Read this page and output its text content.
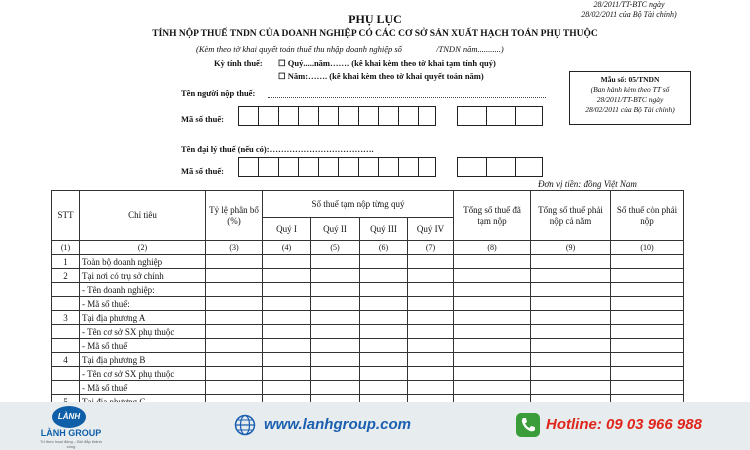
28/2011/TT-BTC ngày
28/02/2011 của Bộ Tài chính)
PHỤ LỤC
TÍNH NỘP THUẾ TNDN CỦA DOANH NGHIỆP CÓ CÁC CƠ SỞ SẢN XUẤT HẠCH TOÁN PHỤ THUỘC
(Kèm theo tờ khai quyết toán thuế thu nhập doanh nghiệp số	/TNDN năm...........)
Kỳ tính thuế: ☐ Quý.....năm……. (kê khai kèm theo tờ khai tạm tính quý)
☐ Năm:……. (kê khai kèm theo tờ khai quyết toán năm)
Tên người nộp thuế:
Mã số thuế:
Mẫu số: 05/TNDN
(Ban hành kèm theo TT số
28/2011/TT-BTC ngày
28/02/2011 của Bộ Tài chính)
Tên đại lý thuế (nếu có):……………………………….
Mã số thuế:
Đơn vị tiền: đồng Việt Nam
STT	Chỉ tiêu	Tỷ lệ phân bổ (%)	Số thuế tạm nộp từng quý				Tổng số thuế đã tạm nộp	Tổng số thuế phải nộp cả năm	Số thuế còn phải nộp
			Quý I	Quý II	Quý III	Quý IV			
(1)	(2)	(3)	(4)	(5)	(6)	(7)	(8)	(9)	(10)
1	Toàn bộ doanh nghiệp								
2	Tại nơi có trụ sở chính								
	- Tên doanh nghiệp:								
	- Mã số thuế:								
3	Tại địa phương A								
	- Tên cơ sở SX phụ thuộc								
	- Mã số thuế								
4	Tại địa phương B								
	- Tên cơ sở SX phụ thuộc								
	- Mã số thuế								

LÀNH
LÀNH GROUP
Tri thức hoạt động – Bồi đắp thành công
www.lanhgroup.com	Hotline: 09 03 966 988
